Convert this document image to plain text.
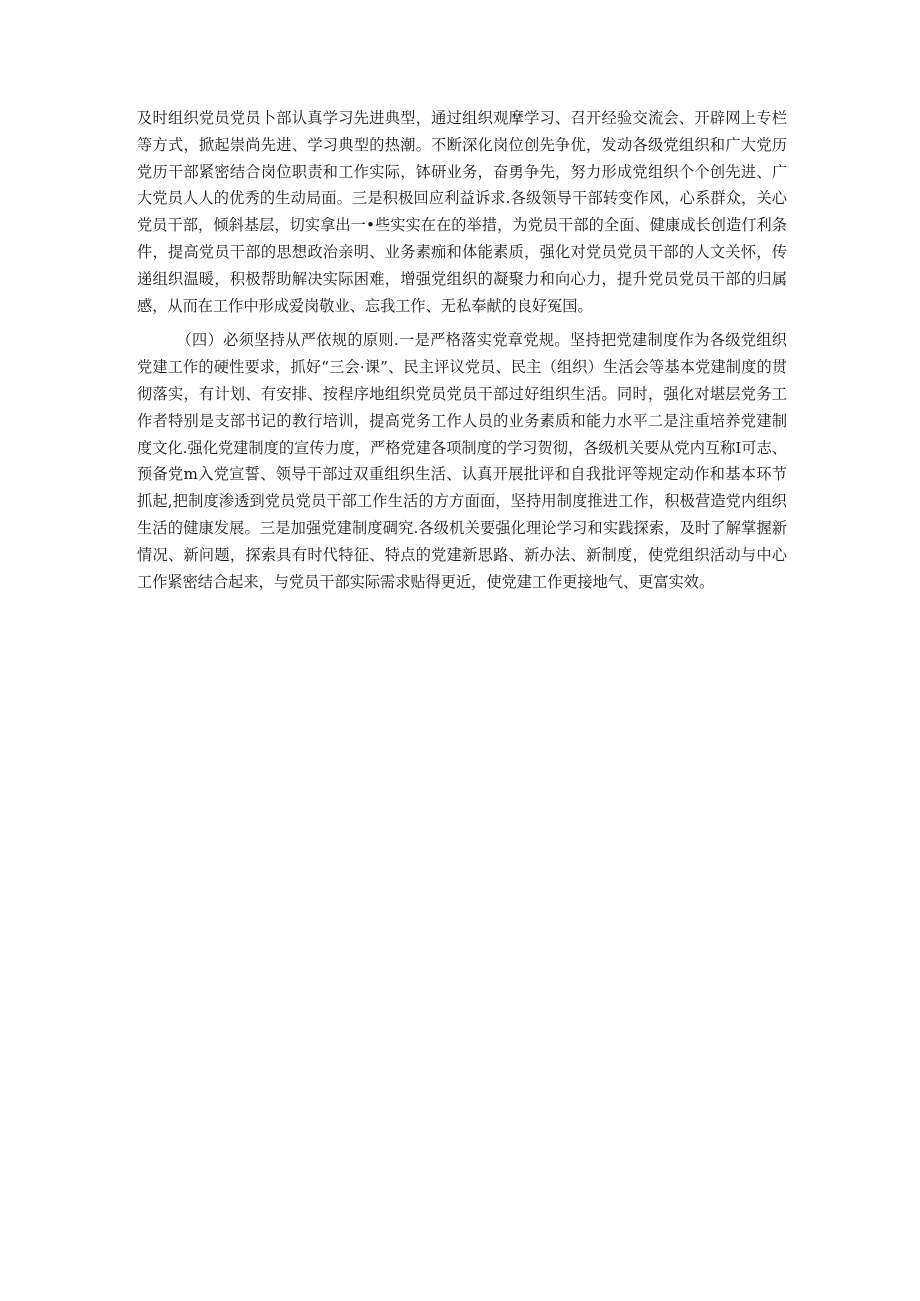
及时组织党员党员卜部认真学习先进典型，通过组织观摩学习、召开经验交流会、开辟网上专栏等方式，掀起崇尚先进、学习典型的热潮。不断深化岗位创先争优，发动各级党组织和广大党历党历干部紧密结合岗位职责和工作实际，钵研业务，奋勇争先，努力形成党组织个个创先进、广大党员人人的优秀的生动局面。三是积极回应利益诉求.各级领导干部转变作风，心系群众，关心党员干部，倾斜基层，切实拿出一•些实实在在的举措，为党员干部的全面、健康成长创造仃利条件，提高党员干部的思想政治亲明、业务素痂和体能素质，强化对党员党员干部的人文关怀，传递组织温暖，积极帮助解决实际困难，增强党组织的凝聚力和向心力，提升党员党员干部的归属感，从而在工作中形成爱岗敬业、忘我工作、无私奉献的良好冤国。

（四）必须坚持从严依规的原则.一是严格落实党章党规。坚持把党建制度作为各级党组织党建工作的硬性要求，抓好“三会·课”、民主评议党员、民主（组织）生活会等基本党建制度的贯彻落实，有计划、有安排、按程序地组织党员党员干部过好组织生活。同时，强化对堪层党务工作者特别是支部书记的教行培训，提高党务工作人员的业务素质和能力水平二是注重培养党建制度文化.强化党建制度的宣传力度，严格党建各项制度的学习贺彻，各级机关要从党内互称I可志、预备党m入党宣誓、领导干部过双重组织生活、认真开展批评和自我批评等规定动作和基本环节抓起,把制度渗透到党员党员干部工作生活的方方面面，坚持用制度推进工作，积极营造党内组织生活的健康发展。三是加强党建制度碉究.各级机关要强化理论学习和实践探索，及时了解掌握新情况、新问题，探索具有时代特征、特点的党建新思路、新办法、新制度，使党组织活动与中心工作紧密结合起来，与党员干部实际需求贴得更近，使党建工作更接地气、更富实效。
